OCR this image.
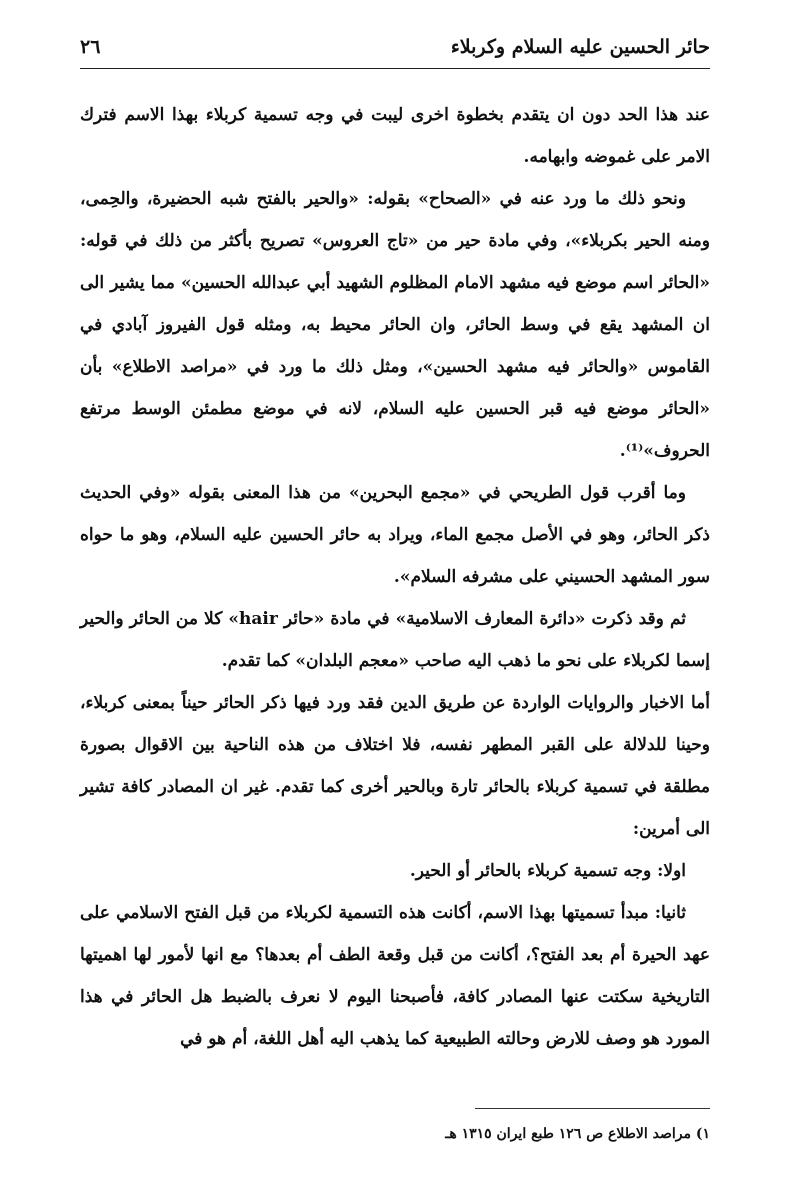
حائر الحسين عليه السلام وكربلاء
٢٦

عند هذا الحد دون ان يتقدم بخطوة اخرى ليبت في وجه تسمية كربلاء بهذا الاسم فترك الامر على غموضه وابهامه.

ونحو ذلك ما ورد عنه في «الصحاح» بقوله: «والحير بالفتح شبه الحضيرة، والحِمى، ومنه الحير بكربلاء»، وفي مادة حير من «تاج العروس» تصريح بأكثر من ذلك في قوله: «الحائر اسم موضع فيه مشهد الامام المظلوم الشهيد أبي عبدالله الحسين» مما يشير الى ان المشهد يقع في وسط الحائر، وان الحائر محيط به، ومثله قول الفيروز آبادي في القاموس «والحائر فيه مشهد الحسين»، ومثل ذلك ما ورد في «مراصد الاطلاع» بأن «الحائر موضع فيه قبر الحسين عليه السلام، لانه في موضع مطمئن الوسط مرتفع الحروف»⁽¹⁾.

وما أقرب قول الطريحي في «مجمع البحرين» من هذا المعنى بقوله «وفي الحديث ذكر الحائر، وهو في الأصل مجمع الماء، ويراد به حائر الحسين عليه السلام، وهو ما حواه سور المشهد الحسيني على مشرفه السلام».

ثم وقد ذكرت «دائرة المعارف الاسلامية» في مادة «حائر hair» كلا من الحائر والحير إسما لكربلاء على نحو ما ذهب اليه صاحب «معجم البلدان» كما تقدم.

أما الاخبار والروايات الواردة عن طريق الدين فقد ورد فيها ذكر الحائر حيناً بمعنى كربلاء، وحينا للدلالة على القبر المطهر نفسه، فلا اختلاف من هذه الناحية بين الاقوال بصورة مطلقة في تسمية كربلاء بالحائر تارة وبالحير أخرى كما تقدم. غير ان المصادر كافة تشير الى أمرين:

اولا: وجه تسمية كربلاء بالحائر أو الحير.

ثانيا: مبدأ تسميتها بهذا الاسم، أكانت هذه التسمية لكربلاء من قبل الفتح الاسلامي على عهد الحيرة أم بعد الفتح؟، أكانت من قبل وقعة الطف أم بعدها؟ مع انها لأمور لها اهميتها التاريخية سكتت عنها المصادر كافة، فأصبحنا اليوم لا نعرف بالضبط هل الحائر في هذا المورد هو وصف للارض وحالته الطبيعية كما يذهب اليه أهل اللغة، أم هو في

١) مراصد الاطلاع ص ١٢٦ طبع ايران ١٣١٥ هـ
